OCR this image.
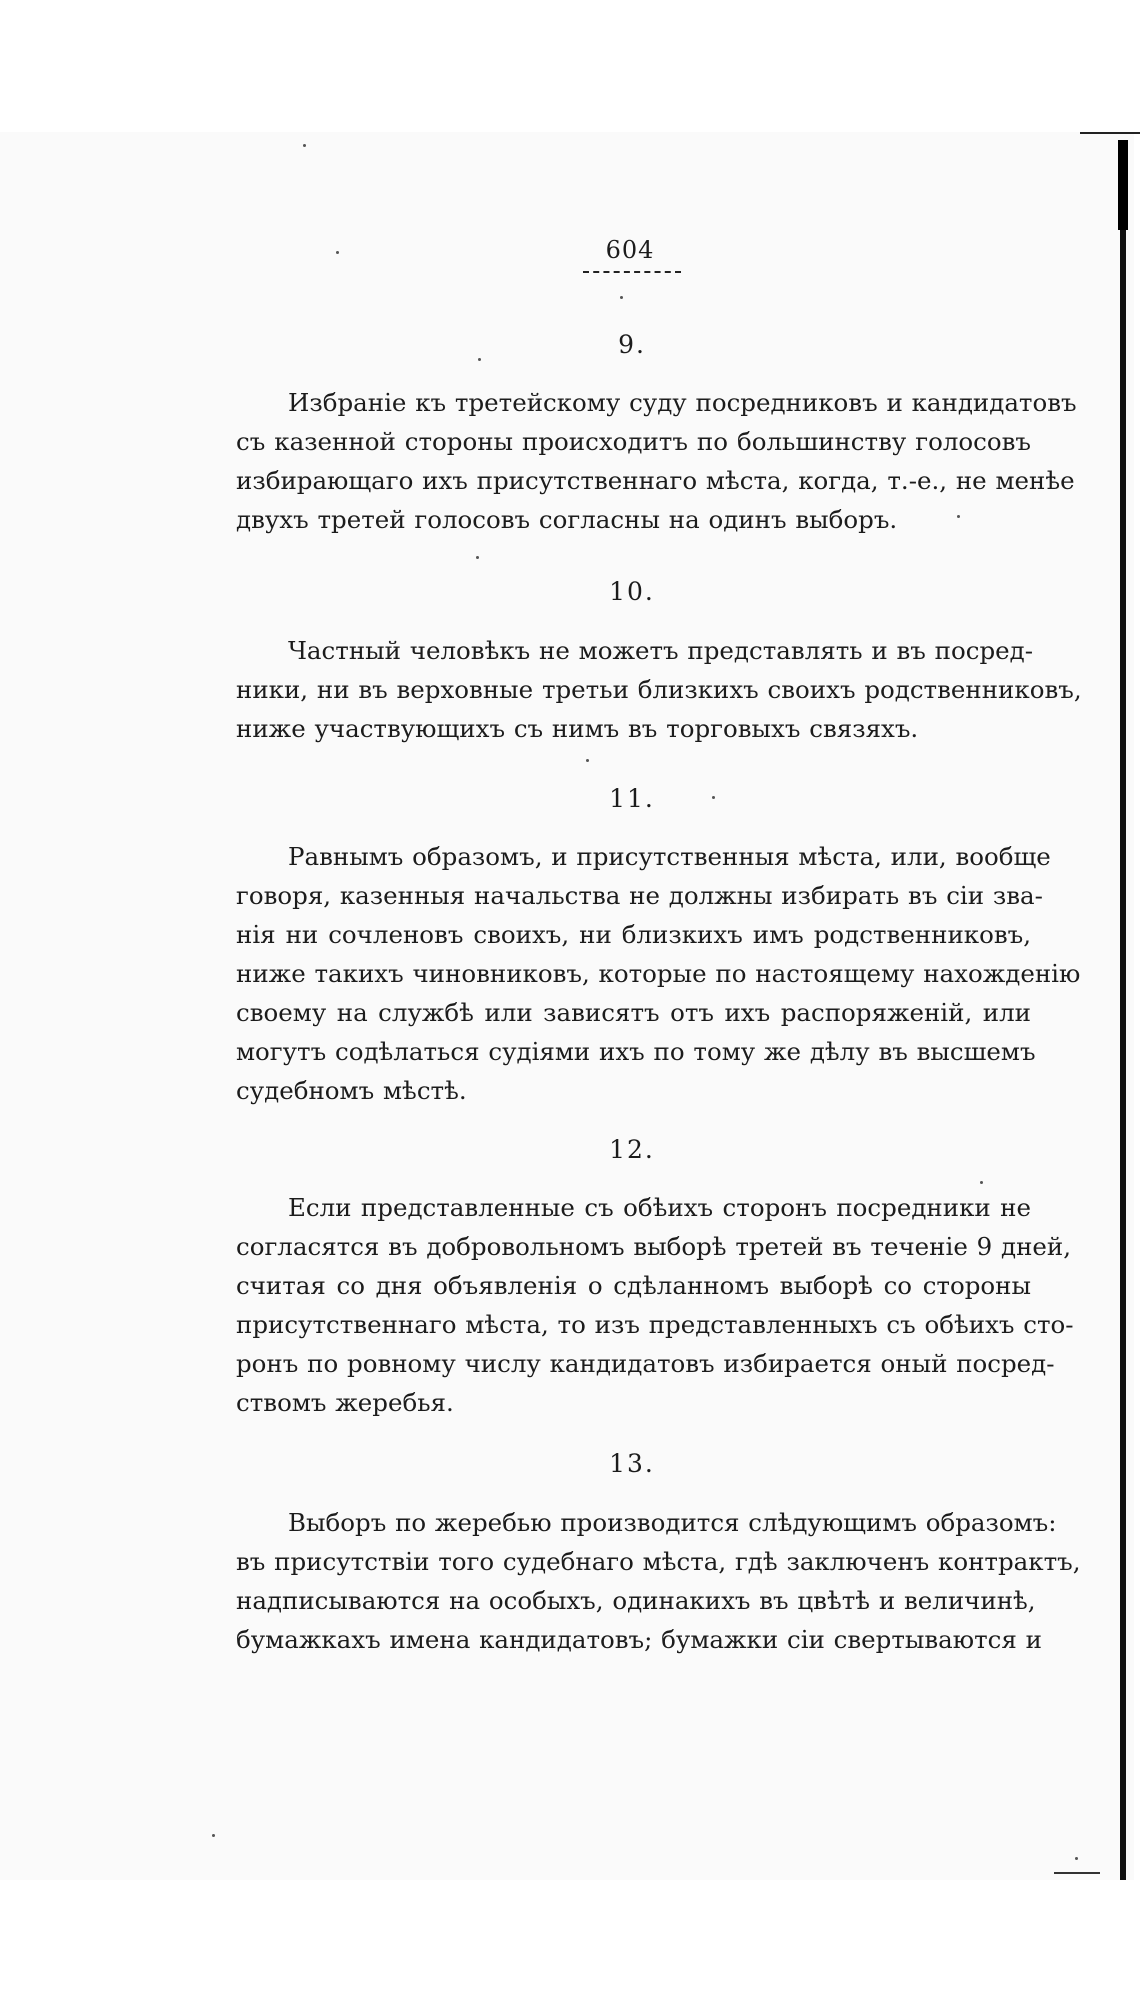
604
9.

Избранiе къ третейскому суду посредниковъ и кандидатовъ
съ казенной стороны происходитъ по большинству голосовъ
избирающаго ихъ присутственнаго мѣста, когда, т.-е., не менѣе
двухъ третей голосовъ согласны на одинъ выборъ.

10.

Частный человѣкъ не можетъ представлять и въ посред-
ники, ни въ верховные третьи близкихъ своихъ родственниковъ,
ниже участвующихъ съ нимъ въ торговыхъ связяхъ.

11.

Равнымъ образомъ, и присутственныя мѣста, или, вообще
говоря, казенныя начальства не должны избирать въ сiи зва-
нiя ни сочленовъ своихъ, ни близкихъ имъ родственниковъ,
ниже такихъ чиновниковъ, которые по настоящему нахожденiю
своему на службѣ или зависятъ отъ ихъ распоряженiй, или
могутъ содѣлаться судiями ихъ по тому же дѣлу въ высшемъ
судебномъ мѣстѣ.

12.

Если представленные съ обѣихъ сторонъ посредники не
согласятся въ добровольномъ выборѣ третей въ теченiе 9 дней,
считая со дня объявленiя о сдѣланномъ выборѣ со стороны
присутственнаго мѣста, то изъ представленныхъ съ обѣихъ сто-
ронъ по ровному числу кандидатовъ избирается оный посред-
ствомъ жеребья.

13.

Выборъ по жеребью производится слѣдующимъ образомъ:
въ присутствiи того судебнаго мѣста, гдѣ заключенъ контрактъ,
надписываются на особыхъ, одинакихъ въ цвѣтѣ и величинѣ,
бумажкахъ имена кандидатовъ; бумажки сiи свертываются и
